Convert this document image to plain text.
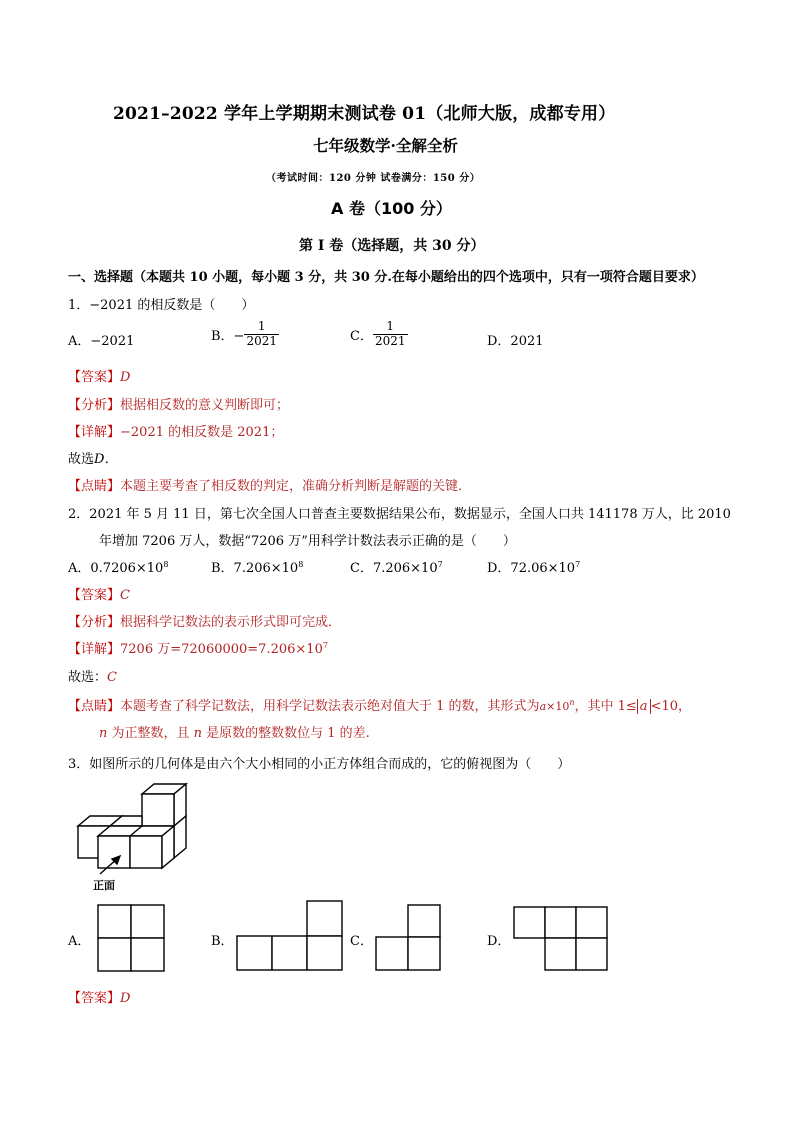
2021–2022 学年上学期期末测试卷 01（北师大版，成都专用）
七年级数学·全解全析
（考试时间：120 分钟 试卷满分：150 分）
A 卷（100 分）
第 I 卷（选择题，共 30 分）
一、选择题（本题共 10 小题，每小题 3 分，共 30 分.在每小题给出的四个选项中，只有一项符合题目要求）
1．−2021 的相反数是（　　）
A．−2021	B．− $\frac{1}{2021}$	C． $\frac{1}{2021}$	D．2021
【答案】D
【分析】根据相反数的意义判断即可；
【详解】−2021 的相反数是 2021；
故选D．
【点睛】本题主要考查了相反数的判定，准确分析判断是解题的关键．
2．2021 年 5 月 11 日，第七次全国人口普查主要数据结果公布，数据显示，全国人口共 141178 万人，比 2010
年增加 7206 万人，数据“7206 万”用科学计数法表示正确的是（　　）
A．$0.7206\times 10^8$	B．$7.206\times 10^8$	C．$7.206\times 10^7$	D．$72.06\times 10^7$
【答案】C
【分析】根据科学记数法的表示形式即可完成．
【详解】7206 万$=72060000=7.206\times 10^7$
故选：C
【点睛】本题考查了科学记数法，用科学记数法表示绝对值大于 1 的数，其形式为$a\times 10^n$，其中 1≤ a <10，
n 为正整数，且 n 是原数的整数数位与 1 的差.
3．如图所示的几何体是由六个大小相同的小正方体组合而成的，它的俯视图为（　　）
正面
A．	B．	C．	D．
【答案】D
